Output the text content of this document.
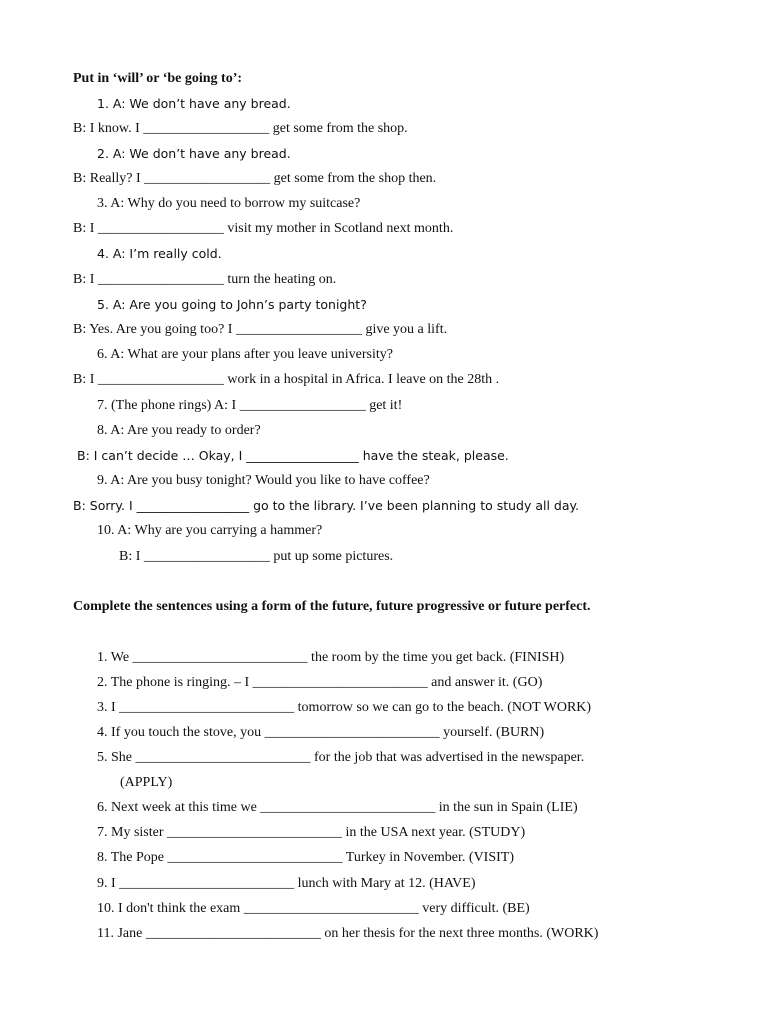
Put in ‘will’ or ‘be going to’:
1. A: We don’t have any bread.
B: I know. I __________________ get some from the shop.
2. A: We don’t have any bread.
B: Really? I __________________ get some from the shop then.
3. A: Why do you need to borrow my suitcase?
B: I __________________ visit my mother in Scotland next month.
4. A: I’m really cold.
B: I __________________ turn the heating on.
5. A: Are you going to John’s party tonight?
B: Yes. Are you going too? I __________________ give you a lift.
6. A: What are your plans after you leave university?
B: I __________________ work in a hospital in Africa. I leave on the 28th .
7. (The phone rings) A: I __________________ get it!
8. A: Are you ready to order?
B: I can’t decide … Okay, I __________________ have the steak, please.
9. A: Are you busy tonight? Would you like to have coffee?
B: Sorry. I __________________ go to the library. I’ve been planning to study all day.
10. A: Why are you carrying a hammer?
B: I __________________ put up some pictures.
Complete the sentences using a form of the future, future progressive or future perfect.
1. We _________________________ the room by the time you get back. (FINISH)
2. The phone is ringing. – I _________________________ and answer it. (GO)
3. I _________________________ tomorrow so we can go to the beach. (NOT WORK)
4. If you touch the stove, you _________________________ yourself. (BURN)
5. She _________________________ for the job that was advertised in the newspaper.
(APPLY)
6. Next week at this time we _________________________ in the sun in Spain (LIE)
7. My sister _________________________ in the USA next year. (STUDY)
8. The Pope _________________________ Turkey in November. (VISIT)
9. I _________________________ lunch with Mary at 12. (HAVE)
10. I don't think the exam _________________________ very difficult. (BE)
11. Jane _________________________ on her thesis for the next three months. (WORK)
